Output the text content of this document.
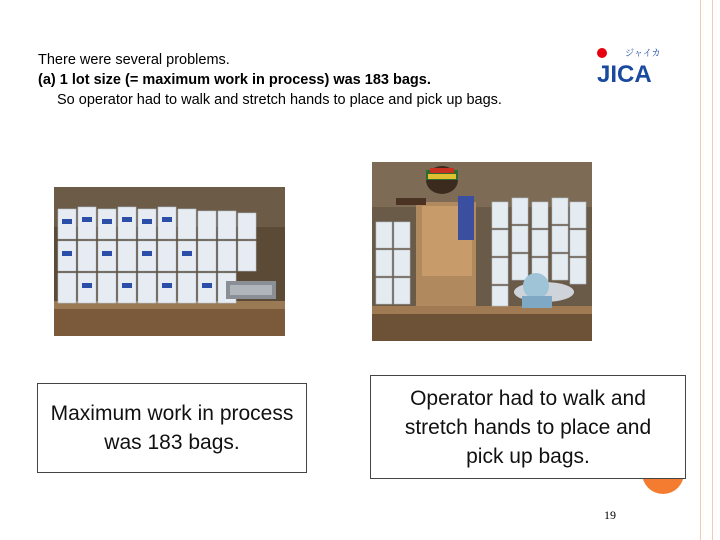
There were several problems.
(a) 1 lot size (= maximum work in process) was 183 bags.
So operator had to walk and stretch hands to place and pick up bags.
ジャイカ
JICA
Maximum work in process was 183 bags.
Operator had to walk and stretch hands to place and pick up bags.
19
